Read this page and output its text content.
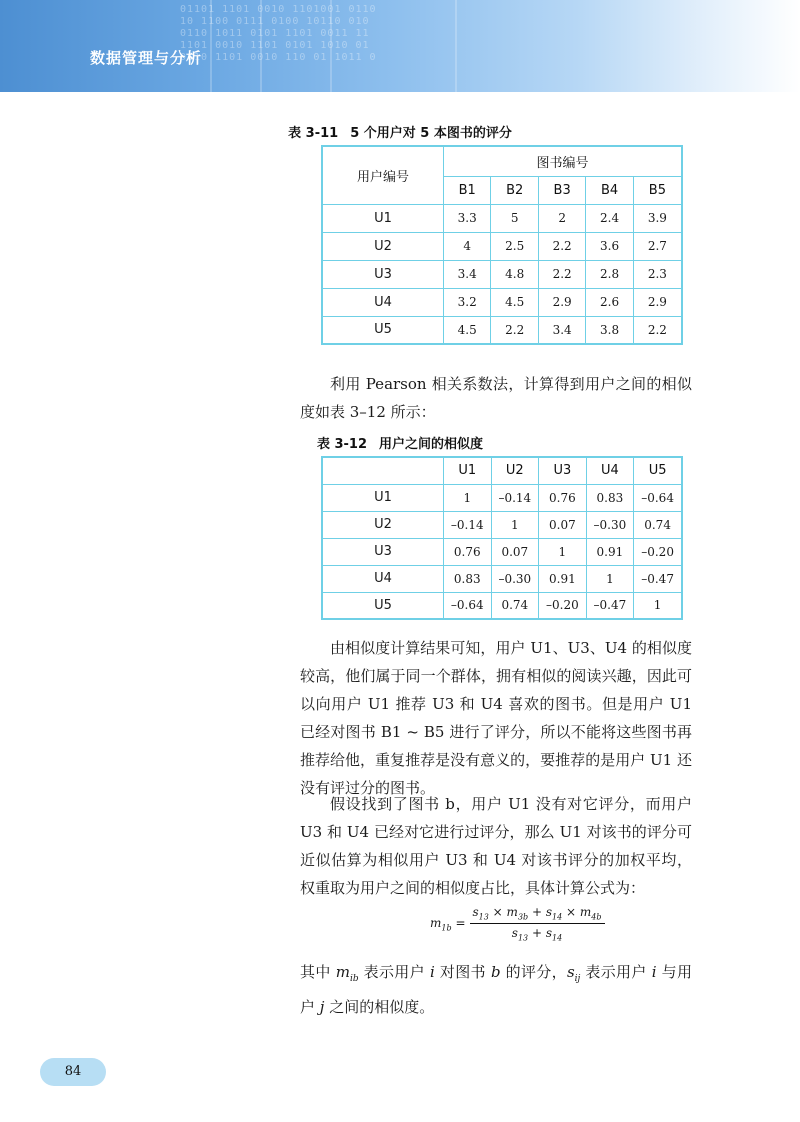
01101 1101 0010 1101001 0110
10 1100 0111 0100 10110 010
0110 1011 0101 1101 0011 11
1101 0010 1101 0101 1010 01
0110 1101 0010 110 01 1011 0
数据管理与分析
表 3-11 5 个用户对 5 本图书的评分
用户编号	图书编号				
	B1	B2	B3	B4	B5
U1	3.3	5	2	2.4	3.9
U2	4	2.5	2.2	3.6	2.7
U3	3.4	4.8	2.2	2.8	2.3
U4	3.2	4.5	2.9	2.6	2.9
U5	4.5	2.2	3.4	3.8	2.2

利用 Pearson 相关系数法，计算得到用户之间的相似度如表 3–12 所示：

表 3-12 用户之间的相似度
	U1	U2	U3	U4	U5
U1	1	–0.14	0.76	0.83	–0.64
U2	–0.14	1	0.07	–0.30	0.74
U3	0.76	0.07	1	0.91	–0.20
U4	0.83	–0.30	0.91	1	–0.47
U5	–0.64	0.74	–0.20	–0.47	1

由相似度计算结果可知，用户 U1、U3、U4 的相似度较高，他们属于同一个群体，拥有相似的阅读兴趣，因此可以向用户 U1 推荐 U3 和 U4 喜欢的图书。但是用户 U1 已经对图书 B1 ~ B5 进行了评分，所以不能将这些图书再推荐给他，重复推荐是没有意义的，要推荐的是用户 U1 还没有评过分的图书。

假设找到了图书 b，用户 U1 没有对它评分，而用户 U3 和 U4 已经对它进行过评分，那么 U1 对该书的评分可近似估算为相似用户 U3 和 U4 对该书评分的加权平均，权重取为用户之间的相似度占比，具体计算公式为：

$m_{1b} = \frac{s_{13} \times m_{3b} + s_{14} \times m_{4b}}{s_{13} + s_{14}}$

其中 $m_{ib}$ 表示用户 i 对图书 b 的评分，$s_{ij}$ 表示用户 i 与用户 j 之间的相似度。

84
